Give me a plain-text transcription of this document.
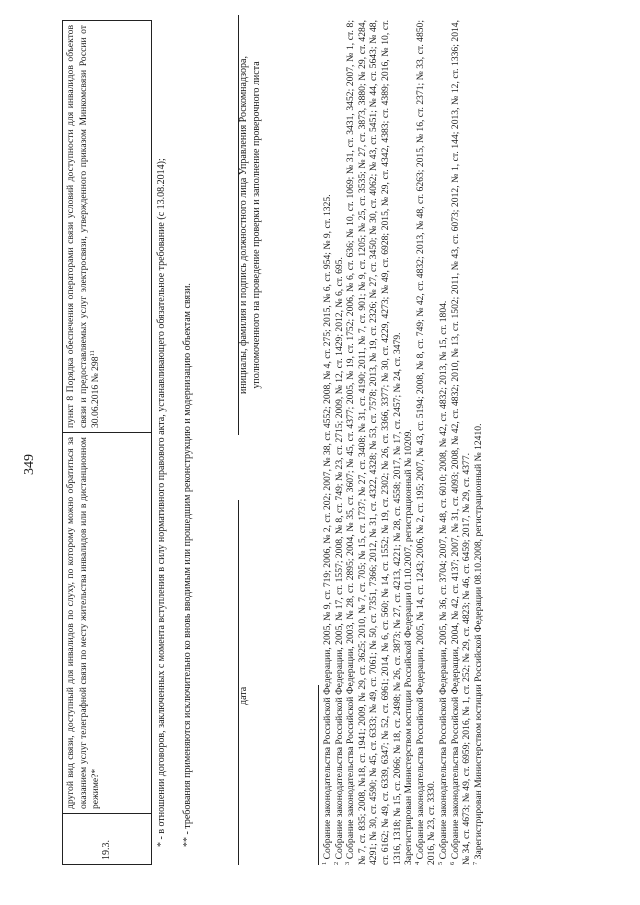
349
19.3.	другой вид связи, доступный для инвалидов по слуху, по которому можно обратиться за оказанием услуг телеграфной связи по месту жительства инвалидов или в дистанционном режиме?*	пункт 8 Порядка обеспечения операторами связи условий доступности для инвалидов объектов связи и предоставляемых услуг электросвязи, утвержденного приказом Минкомсвязи России от 30.06.2016 № $298^{11}$	* - в отношении договоров, заключенных с момента вступления в силу нормативного правового акта, устанавливающего обязательное требование (с 13.08.2014); ** - требования применяются исключительно ко вновь вводимым или прошедшим реконструкцию и модернизацию объектам связи.	дата
инициалы, фамилия и подпись должностного лица Управления Роскомнадзора, уполномоченного на проведение проверки и заполнение проверочного листа

$^1$ Собрание законодательства Российской Федерации, 2005, № 9, ст. 719; 2006, № 2, ст. 202; 2007, № 38, ст. 4552; 2008, № 4, ст. 275; 2015, № 6, ст. 954; № 9, ст. 1325.

$^2$ Собрание законодательства Российской Федерации, 2005, № 17, ст. 1557; 2008, № 8, ст. 749; № 23, ст. 2715; 2009, № 12, ст. 1429; 2012, № 6, ст. 695.

$^3$ Собрание законодательства Российской Федерации, 2003, № 28, ст. 2895; 2004, № 35, ст. 3607; № 45, ст. 4377; 2005, № 19, ст. 1752; 2006, № 6, ст. 636; № 10, ст. 1069; № 31, ст. 3431, 3452; 2007, № 1, ст. 8; № 7, ст. 835; 2008, №18, ст. 1941; 2009, № 29, ст. 3625; 2010, № 7, ст. 705; № 15, ст. 1737; № 27, ст. 3408; № 31, ст. 4190; 2011, № 7, ст. 901; № 9, ст. 1205; № 25, ст. 3535; № 27, ст. 3873, 3880; № 29, ст. 4284, 4291; № 30, ст. 4590; № 45, ст. 6333; № 49, ст. 7061; № 50, ст. 7351, 7366; 2012, № 31, ст. 4322, 4328; № 53, ст. 7578; 2013, № 19, ст. 2326; № 27, ст. 3450; № 30, ст. 4062; № 43, ст. 5451; № 44, ст. 5643; № 48, ст. 6162; № 49, ст. 6339, 6347; № 52, ст. 6961; 2014, № 6, ст. 560; № 14, ст. 1552; № 19, ст. 2302; № 26, ст. 3366, 3377; № 30, ст. 4229, 4273; № 49, ст. 6928; 2015, № 29, ст. 4342, 4383; ст. 4389; 2016, № 10, ст. 1316, 1318; № 15, ст. 2066; № 18, ст. 2498; № 26, ст. 3873; № 27, ст. 4213, 4221; № 28, ст. 4558; 2017, № 17, ст. 2457; № 24, ст. 3479. Зарегистрирован Министерством юстиции Российской Федерации 01.10.2007, регистрационный № 10209. $^4$ Собрание законодательства Российской Федерации, 2005, № 14, ст. 1243; 2006, № 2, ст. 195; 2007, № 43, ст. 5194; 2008, № 8, ст. 749; № 42, ст. 4832; 2013, № 48, ст. 6263; 2015, № 16, ст. 2371; № 33, ст. 4850; 2016, № 23, ст. 3330. $^5$ Собрание законодательства Российской Федерации, 2005, № 36, ст. 3704; 2007, № 48, ст. 6010; 2008, № 42, ст. 4832; 2013, № 15, ст. 1804.

$^6$ Собрание законодательства Российской Федерации, 2004, № 42, ст. 4137; 2007, № 31, ст. 4093; 2008, № 42, ст. 4832; 2010, № 13, ст. 1502; 2011, № 43, ст. 6073; 2012, № 1, ст. 144; 2013, № 12, ст. 1336; 2014, № 34, ст. 4673; № 49, ст. 6959; 2016, № 1, ст. 252; № 29, ст. 4823; № 46, ст. 6459; 2017, № 29, ст. 4377. $^7$ Зарегистрирован Министерством юстиции Российской Федерации 08.10.2008, регистрационный № 12410.
